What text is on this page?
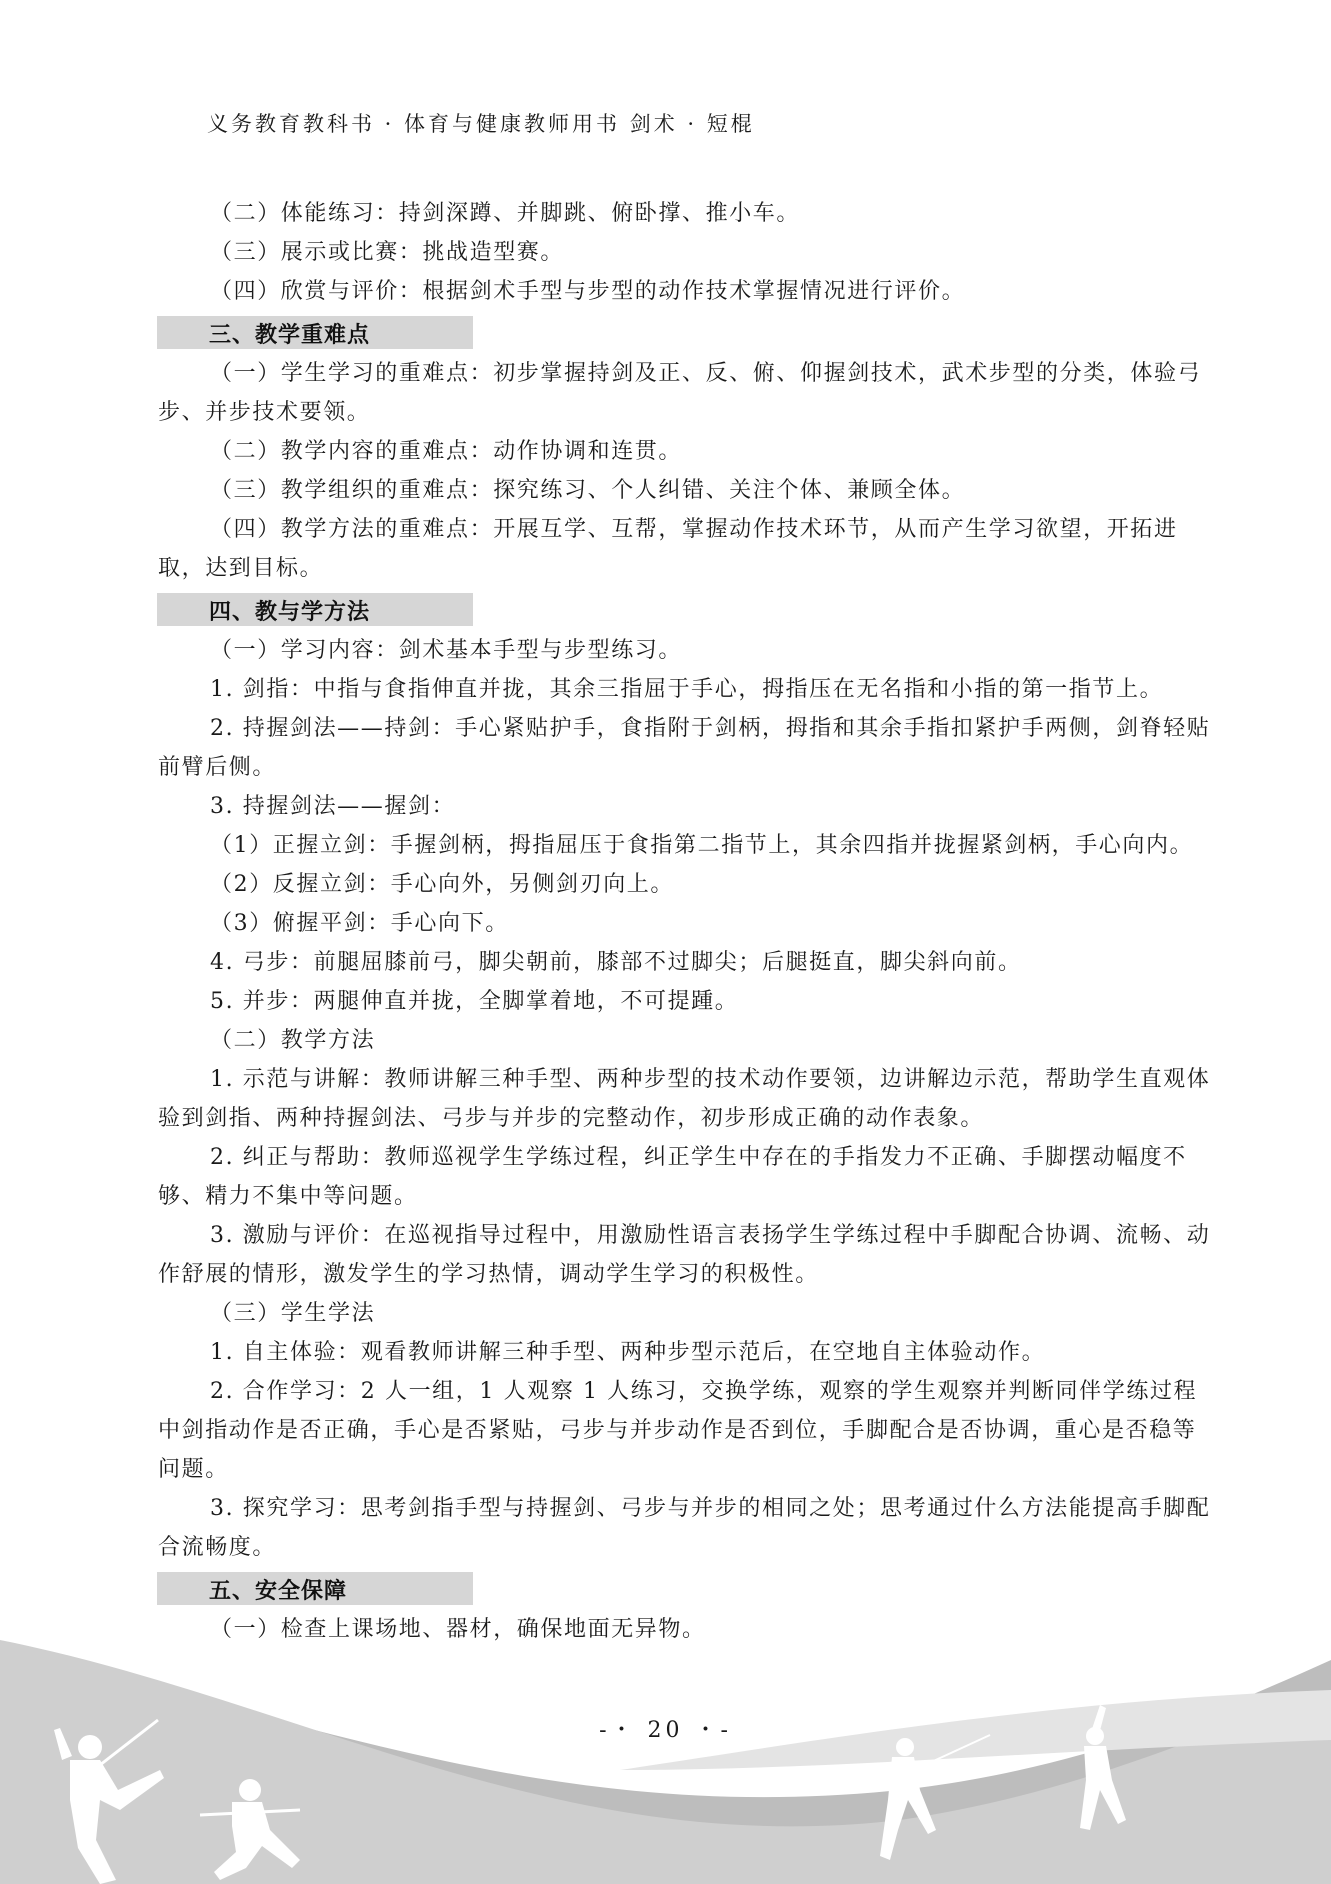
义务教育教科书 · 体育与健康教师用书 剑术 · 短棍

（二）体能练习：持剑深蹲、并脚跳、俯卧撑、推小车。

（三）展示或比赛：挑战造型赛。

（四）欣赏与评价：根据剑术手型与步型的动作技术掌握情况进行评价。

三、教学重难点

（一）学生学习的重难点：初步掌握持剑及正、反、俯、仰握剑技术，武术步型的分类，体验弓步、并步技术要领。

（二）教学内容的重难点：动作协调和连贯。

（三）教学组织的重难点：探究练习、个人纠错、关注个体、兼顾全体。

（四）教学方法的重难点：开展互学、互帮，掌握动作技术环节，从而产生学习欲望，开拓进取，达到目标。

四、教与学方法

（一）学习内容：剑术基本手型与步型练习。

1. 剑指：中指与食指伸直并拢，其余三指屈于手心，拇指压在无名指和小指的第一指节上。

2. 持握剑法——持剑：手心紧贴护手，食指附于剑柄，拇指和其余手指扣紧护手两侧，剑脊轻贴前臂后侧。

3. 持握剑法——握剑：

（1）正握立剑：手握剑柄，拇指屈压于食指第二指节上，其余四指并拢握紧剑柄，手心向内。

（2）反握立剑：手心向外，另侧剑刃向上。

（3）俯握平剑：手心向下。

4. 弓步：前腿屈膝前弓，脚尖朝前，膝部不过脚尖；后腿挺直，脚尖斜向前。

5. 并步：两腿伸直并拢，全脚掌着地，不可提踵。

（二）教学方法

1. 示范与讲解：教师讲解三种手型、两种步型的技术动作要领，边讲解边示范，帮助学生直观体验到剑指、两种持握剑法、弓步与并步的完整动作，初步形成正确的动作表象。

2. 纠正与帮助：教师巡视学生学练过程，纠正学生中存在的手指发力不正确、手脚摆动幅度不够、精力不集中等问题。

3. 激励与评价：在巡视指导过程中，用激励性语言表扬学生学练过程中手脚配合协调、流畅、动作舒展的情形，激发学生的学习热情，调动学生学习的积极性。

（三）学生学法

1. 自主体验：观看教师讲解三种手型、两种步型示范后，在空地自主体验动作。

2. 合作学习：2 人一组，1 人观察 1 人练习，交换学练，观察的学生观察并判断同伴学练过程中剑指动作是否正确，手心是否紧贴，弓步与并步动作是否到位，手脚配合是否协调，重心是否稳等问题。

3. 探究学习：思考剑指手型与持握剑、弓步与并步的相同之处；思考通过什么方法能提高手脚配合流畅度。

五、安全保障

（一）检查上课场地、器材，确保地面无异物。

-・ 20 ・-
